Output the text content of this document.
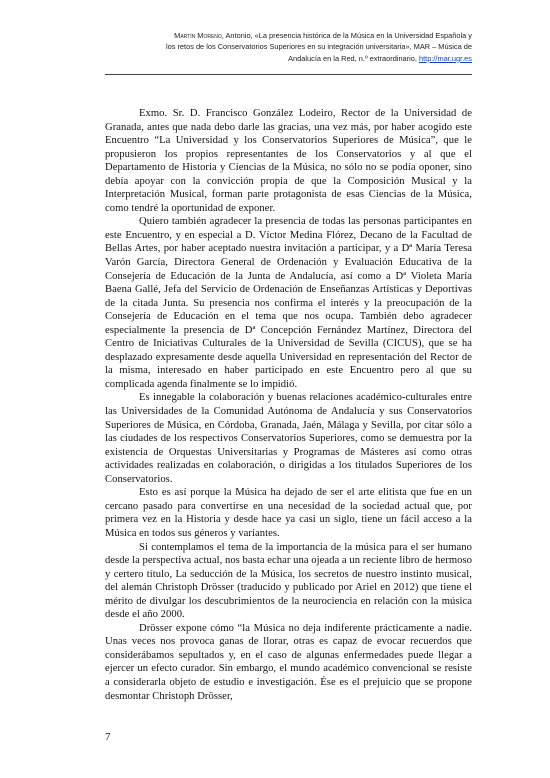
Martín Moreno, Antonio, «La presencia histórica de la Música en la Universidad Española y
los retos de los Conservatorios Superiores en su integración universitaria», MAR – Música de
Andalucía en la Red, n.º extraordinario, http://mar.ugr.es

Exmo. Sr. D. Francisco González Lodeiro, Rector de la Universidad de Granada, antes que nada debo darle las gracias, una vez más, por haber acogido este Encuentro “La Universidad y los Conservatorios Superiores de Música”, que le propusieron los propios representantes de los Conservatorios y al que el Departamento de Historia y Ciencias de la Música, no sólo no se podía oponer, sino debía apoyar con la convicción propia de que la Composición Musical y la Interpretación Musical, forman parte protagonista de esas Ciencias de la Música, como tendré la oportunidad de exponer.

Quiero también agradecer la presencia de todas las personas participantes en este Encuentro, y en especial a D. Víctor Medina Flórez, Decano de la Facultad de Bellas Artes, por haber aceptado nuestra invitación a participar, y a Dª María Teresa Varón García, Directora General de Ordenación y Evaluación Educativa de la Consejería de Educación de la Junta de Andalucía, así como a Dª Violeta María Baena Gallé, Jefa del Servicio de Ordenación de Enseñanzas Artísticas y Deportivas de la citada Junta. Su presencia nos confirma el interés y la preocupación de la Consejería de Educación en el tema que nos ocupa. También debo agradecer especialmente la presencia de Dª Concepción Fernández Martínez, Directora del Centro de Iniciativas Culturales de la Universidad de Sevilla (CICUS), que se ha desplazado expresamente desde aquella Universidad en representación del Rector de la misma, interesado en haber participado en este Encuentro pero al que su complicada agenda finalmente se lo impidió.

Es innegable la colaboración y buenas relaciones académico-culturales entre las Universidades de la Comunidad Autónoma de Andalucía y sus Conservatorios Superiores de Música, en Córdoba, Granada, Jaén, Málaga y Sevilla, por citar sólo a las ciudades de los respectivos Conservatorios Superiores, como se demuestra por la existencia de Orquestas Universitarias y Programas de Másteres así como otras actividades realizadas en colaboración, o dirigidas a los titulados Superiores de los Conservatorios.

Esto es así porque la Música ha dejado de ser el arte elitista que fue en un cercano pasado para convertirse en una necesidad de la sociedad actual que, por primera vez en la Historia y desde hace ya casi un siglo, tiene un fácil acceso a la Música en todos sus géneros y variantes.

Si contemplamos el tema de la importancia de la música para el ser humano desde la perspectiva actual, nos basta echar una ojeada a un reciente libro de hermoso y certero título, La seducción de la Música, los secretos de nuestro instinto musical, del alemán Christoph Drösser (traducido y publicado por Ariel en 2012) que tiene el mérito de divulgar los descubrimientos de la neurociencia en relación con la música desde el año 2000.

Drösser expone cómo “la Música no deja indiferente prácticamente a nadie. Unas veces nos provoca ganas de llorar, otras es capaz de evocar recuerdos que considerábamos sepultados y, en el caso de algunas enfermedades puede llegar a ejercer un efecto curador. Sin embargo, el mundo académico convencional se resiste a considerarla objeto de estudio e investigación. Ése es el prejuicio que se propone desmontar Christoph Drösser,

7
